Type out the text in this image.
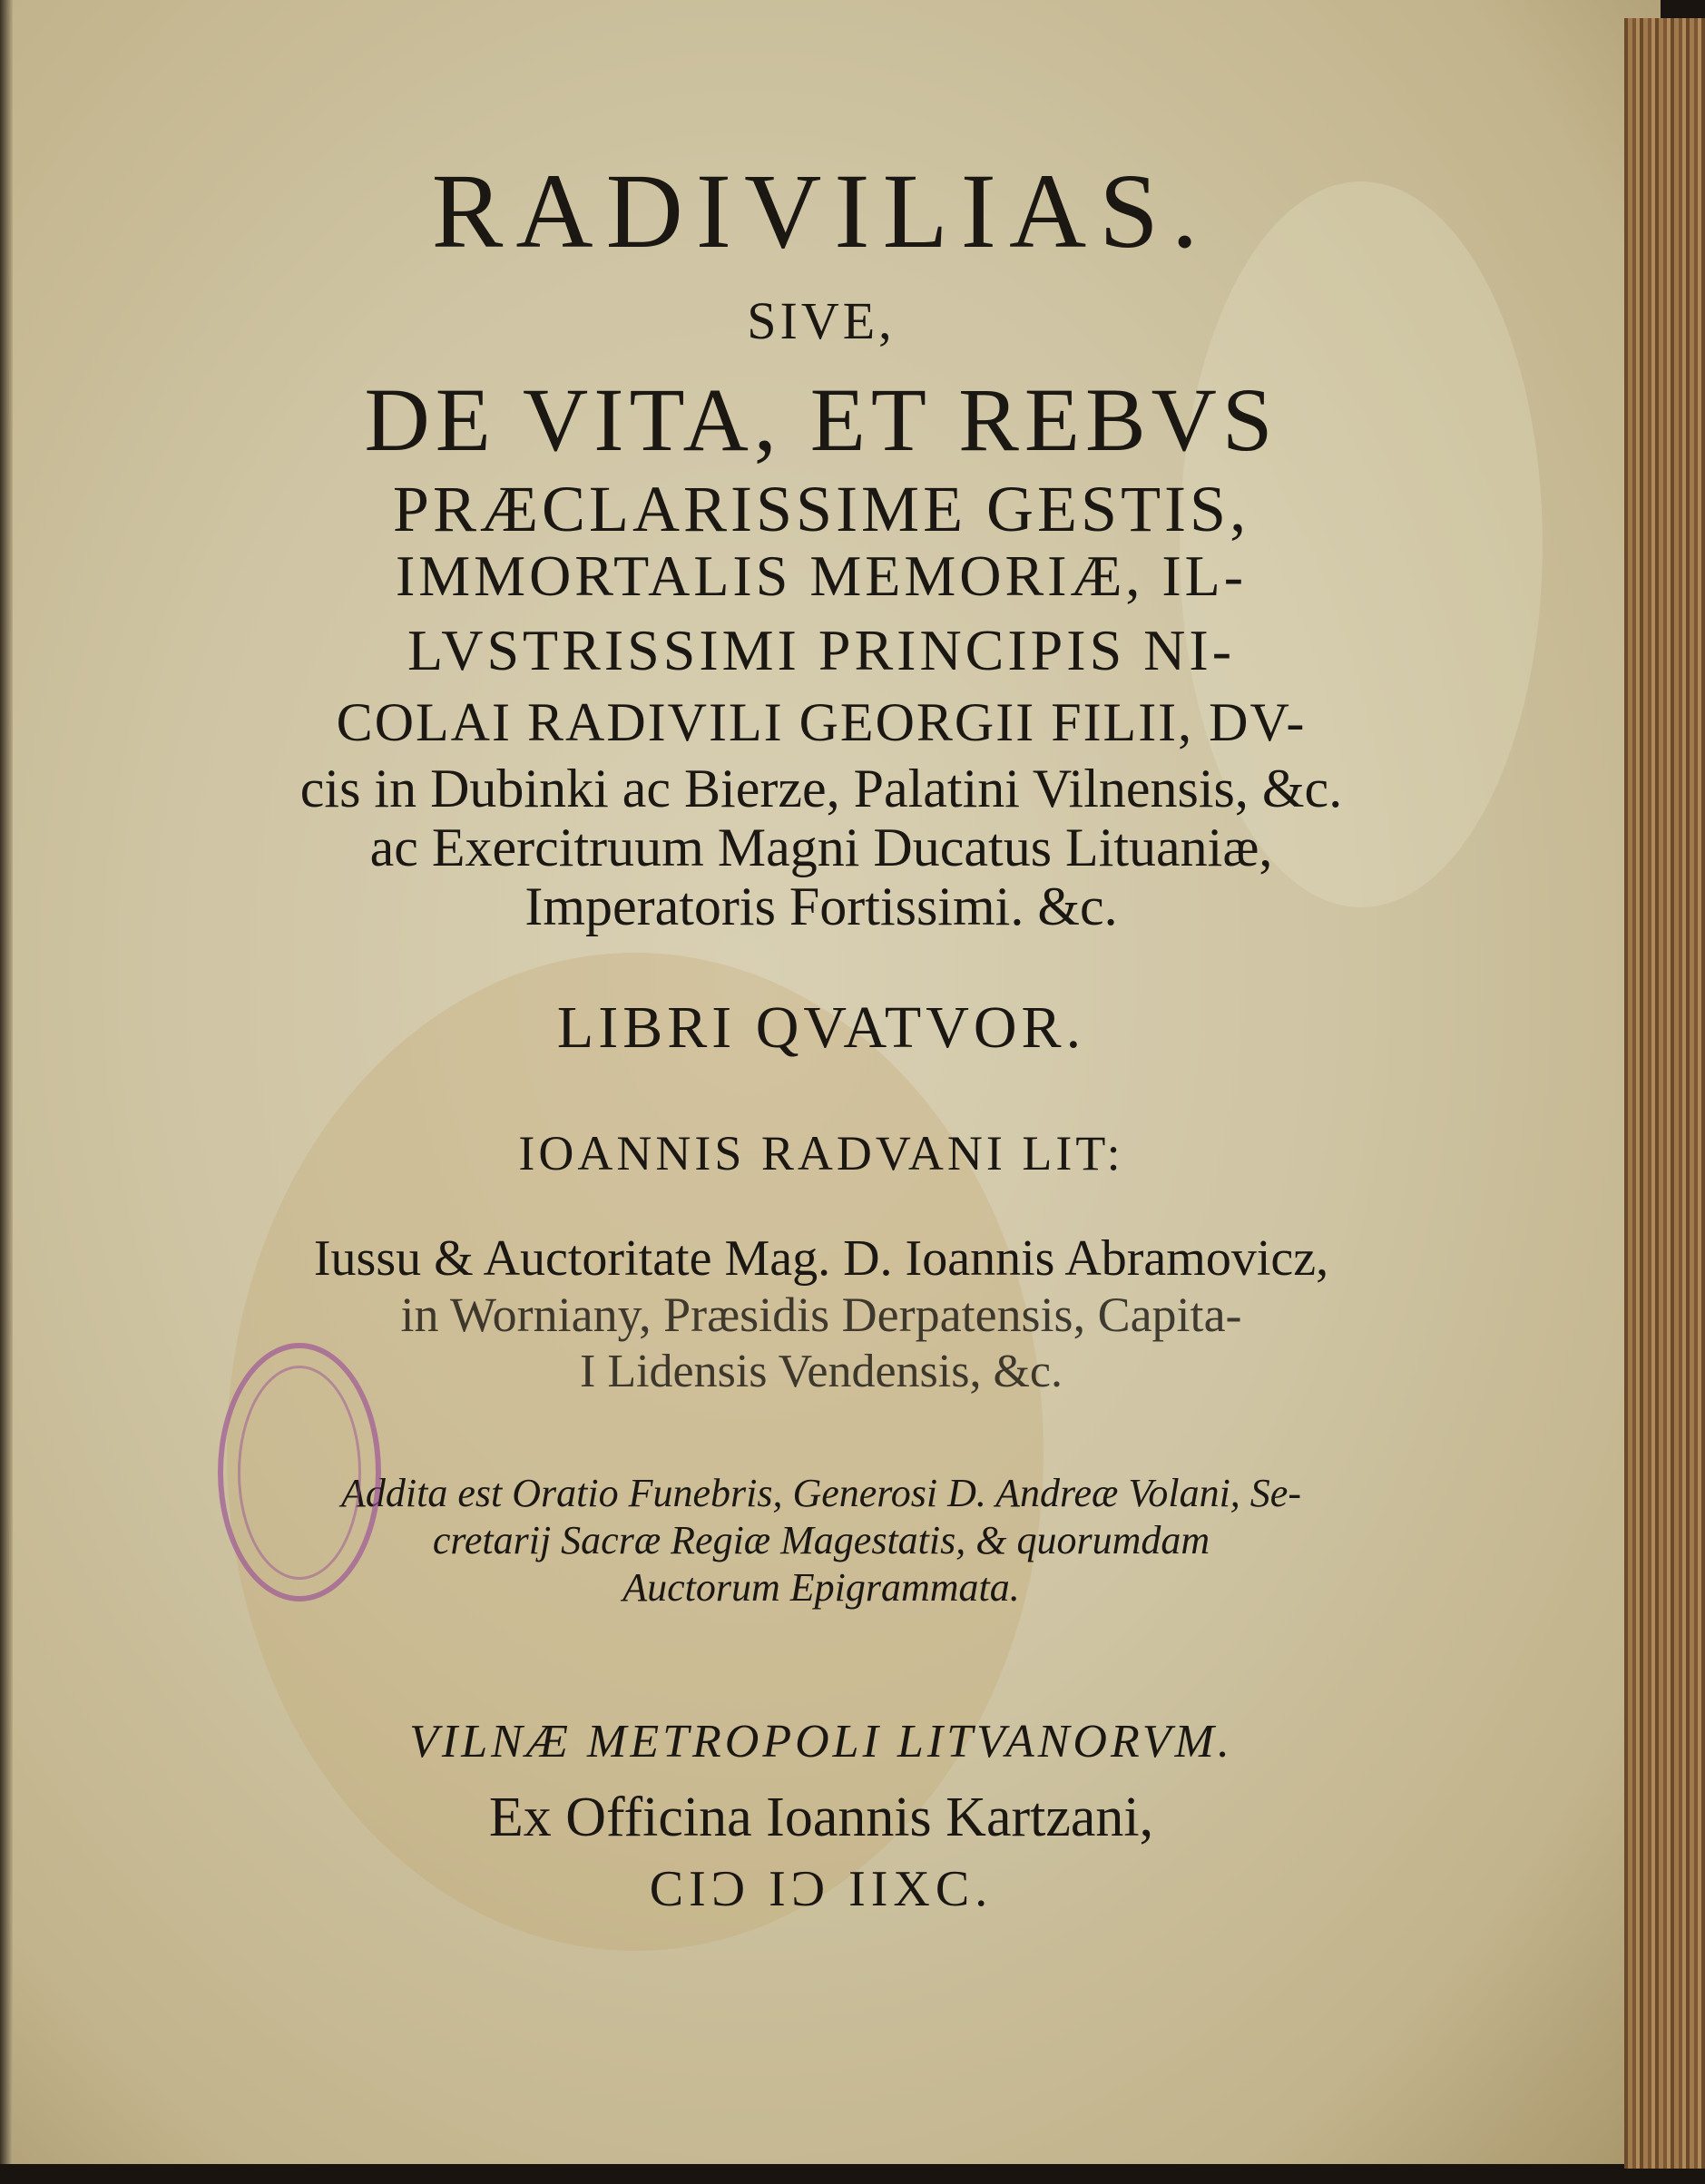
RADIVILIAS.
SIVE,
DE VITA, ET REBVS
PRÆCLARISSIME GESTIS,
IMMORTALIS MEMORIÆ, IL-
LVSTRISSIMI PRINCIPIS NI-
COLAI RADIVILI GEORGII FILII, DV-
cis in Dubinki ac Bierze, Palatini Vilnensis, &c.
ac Exercitruum Magni Ducatus Lituaniæ,
Imperatoris Fortissimi. &c.
LIBRI QVATVOR.
IOANNIS RADVANI LIT:
Iussu & Auctoritate Mag. D. Ioannis Abramovicz,
in Worniany, Præsidis Derpatensis, Capita-
I Lidensis Vendensis, &c.
Addita est Oratio Funebris, Generosi D. Andreæ Volani, Se-
cretarij Sacræ Regiæ Magestatis, & quorumdam
Auctorum Epigrammata.
VILNÆ METROPOLI LITVANORVM.
Ex Officina Ioannis Kartzani,
CIƆ IƆ IIXC.
